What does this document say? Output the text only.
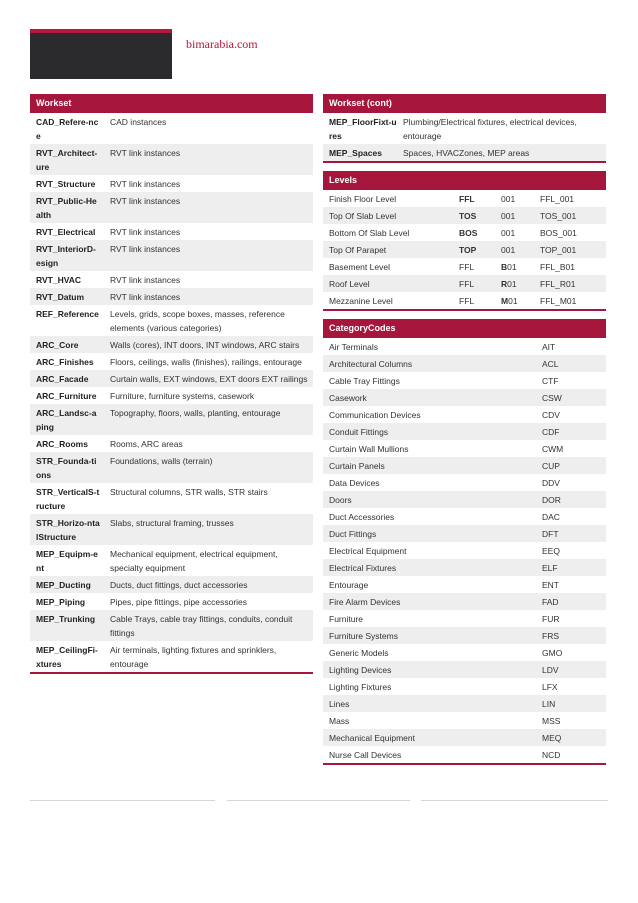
bimarabia.com
Workset
CAD_Refere-nce	CAD instances
RVT_Architect-ure	RVT link instances
RVT_Structure	RVT link instances
RVT_Public-Health	RVT link instances
RVT_Electrical	RVT link instances
RVT_InteriorD-esign	RVT link instances
RVT_HVAC	RVT link instances
RVT_Datum	RVT link instances
REF_Reference	Levels, grids, scope boxes, masses, reference elements (various categories)
ARC_Core	Walls (cores), INT doors, INT windows, ARC stairs
ARC_Finishes	Floors, ceilings, walls (finishes), railings, entourage
ARC_Facade	Curtain walls, EXT windows, EXT doors EXT railings
ARC_Furniture	Furniture, furniture systems, casework
ARC_Landsc-aping	Topography, floors, walls, planting, entourage
ARC_Rooms	Rooms, ARC areas
STR_Founda-tions	Foundations, walls (terrain)
STR_VerticalS-tructure	Structural columns, STR walls, STR stairs
STR_Horizo-ntalStructure	Slabs, structural framing, trusses
MEP_Equipm-ent	Mechanical equipment, electrical equipment, specialty equipment
MEP_Ducting	Ducts, duct fittings, duct accessories
MEP_Piping	Pipes, pipe fittings, pipe accessories
MEP_Trunking	Cable Trays, cable tray fittings, conduits, conduit fittings
MEP_CeilingFi-xtures	Air terminals, lighting fixtures and sprinklers, entourage
Workset (cont)
MEP_FloorFixt-ures	Plumbing/Electrical fixtures, electrical devices, entourage
MEP_Spaces	Spaces, HVACZones, MEP areas
Levels
Finish Floor Level	FFL	001	FFL_001
Top Of Slab Level	TOS	001	TOS_001
Bottom Of Slab Level	BOS	001	BOS_001
Top Of Parapet	TOP	001	TOP_001
Basement Level	FFL	B01	FFL_B01
Roof Level	FFL	R01	FFL_R01
Mezzanine Level	FFL	M01	FFL_M01
CategoryCodes
Air Terminals	AIT
Architectural Columns	ACL
Cable Tray Fittings	CTF
Casework	CSW
Communication Devices	CDV
Conduit Fittings	CDF
Curtain Wall Mullions	CWM
Curtain Panels	CUP
Data Devices	DDV
Doors	DOR
Duct Accessories	DAC
Duct Fittings	DFT
Electrical Equipment	EEQ
Electrical Fixtures	ELF
Entourage	ENT
Fire Alarm Devices	FAD
Furniture	FUR
Furniture Systems	FRS
Generic Models	GMO
Lighting Devices	LDV
Lighting Fixtures	LFX
Lines	LIN
Mass	MSS
Mechanical Equipment	MEQ
Nurse Call Devices	NCD
